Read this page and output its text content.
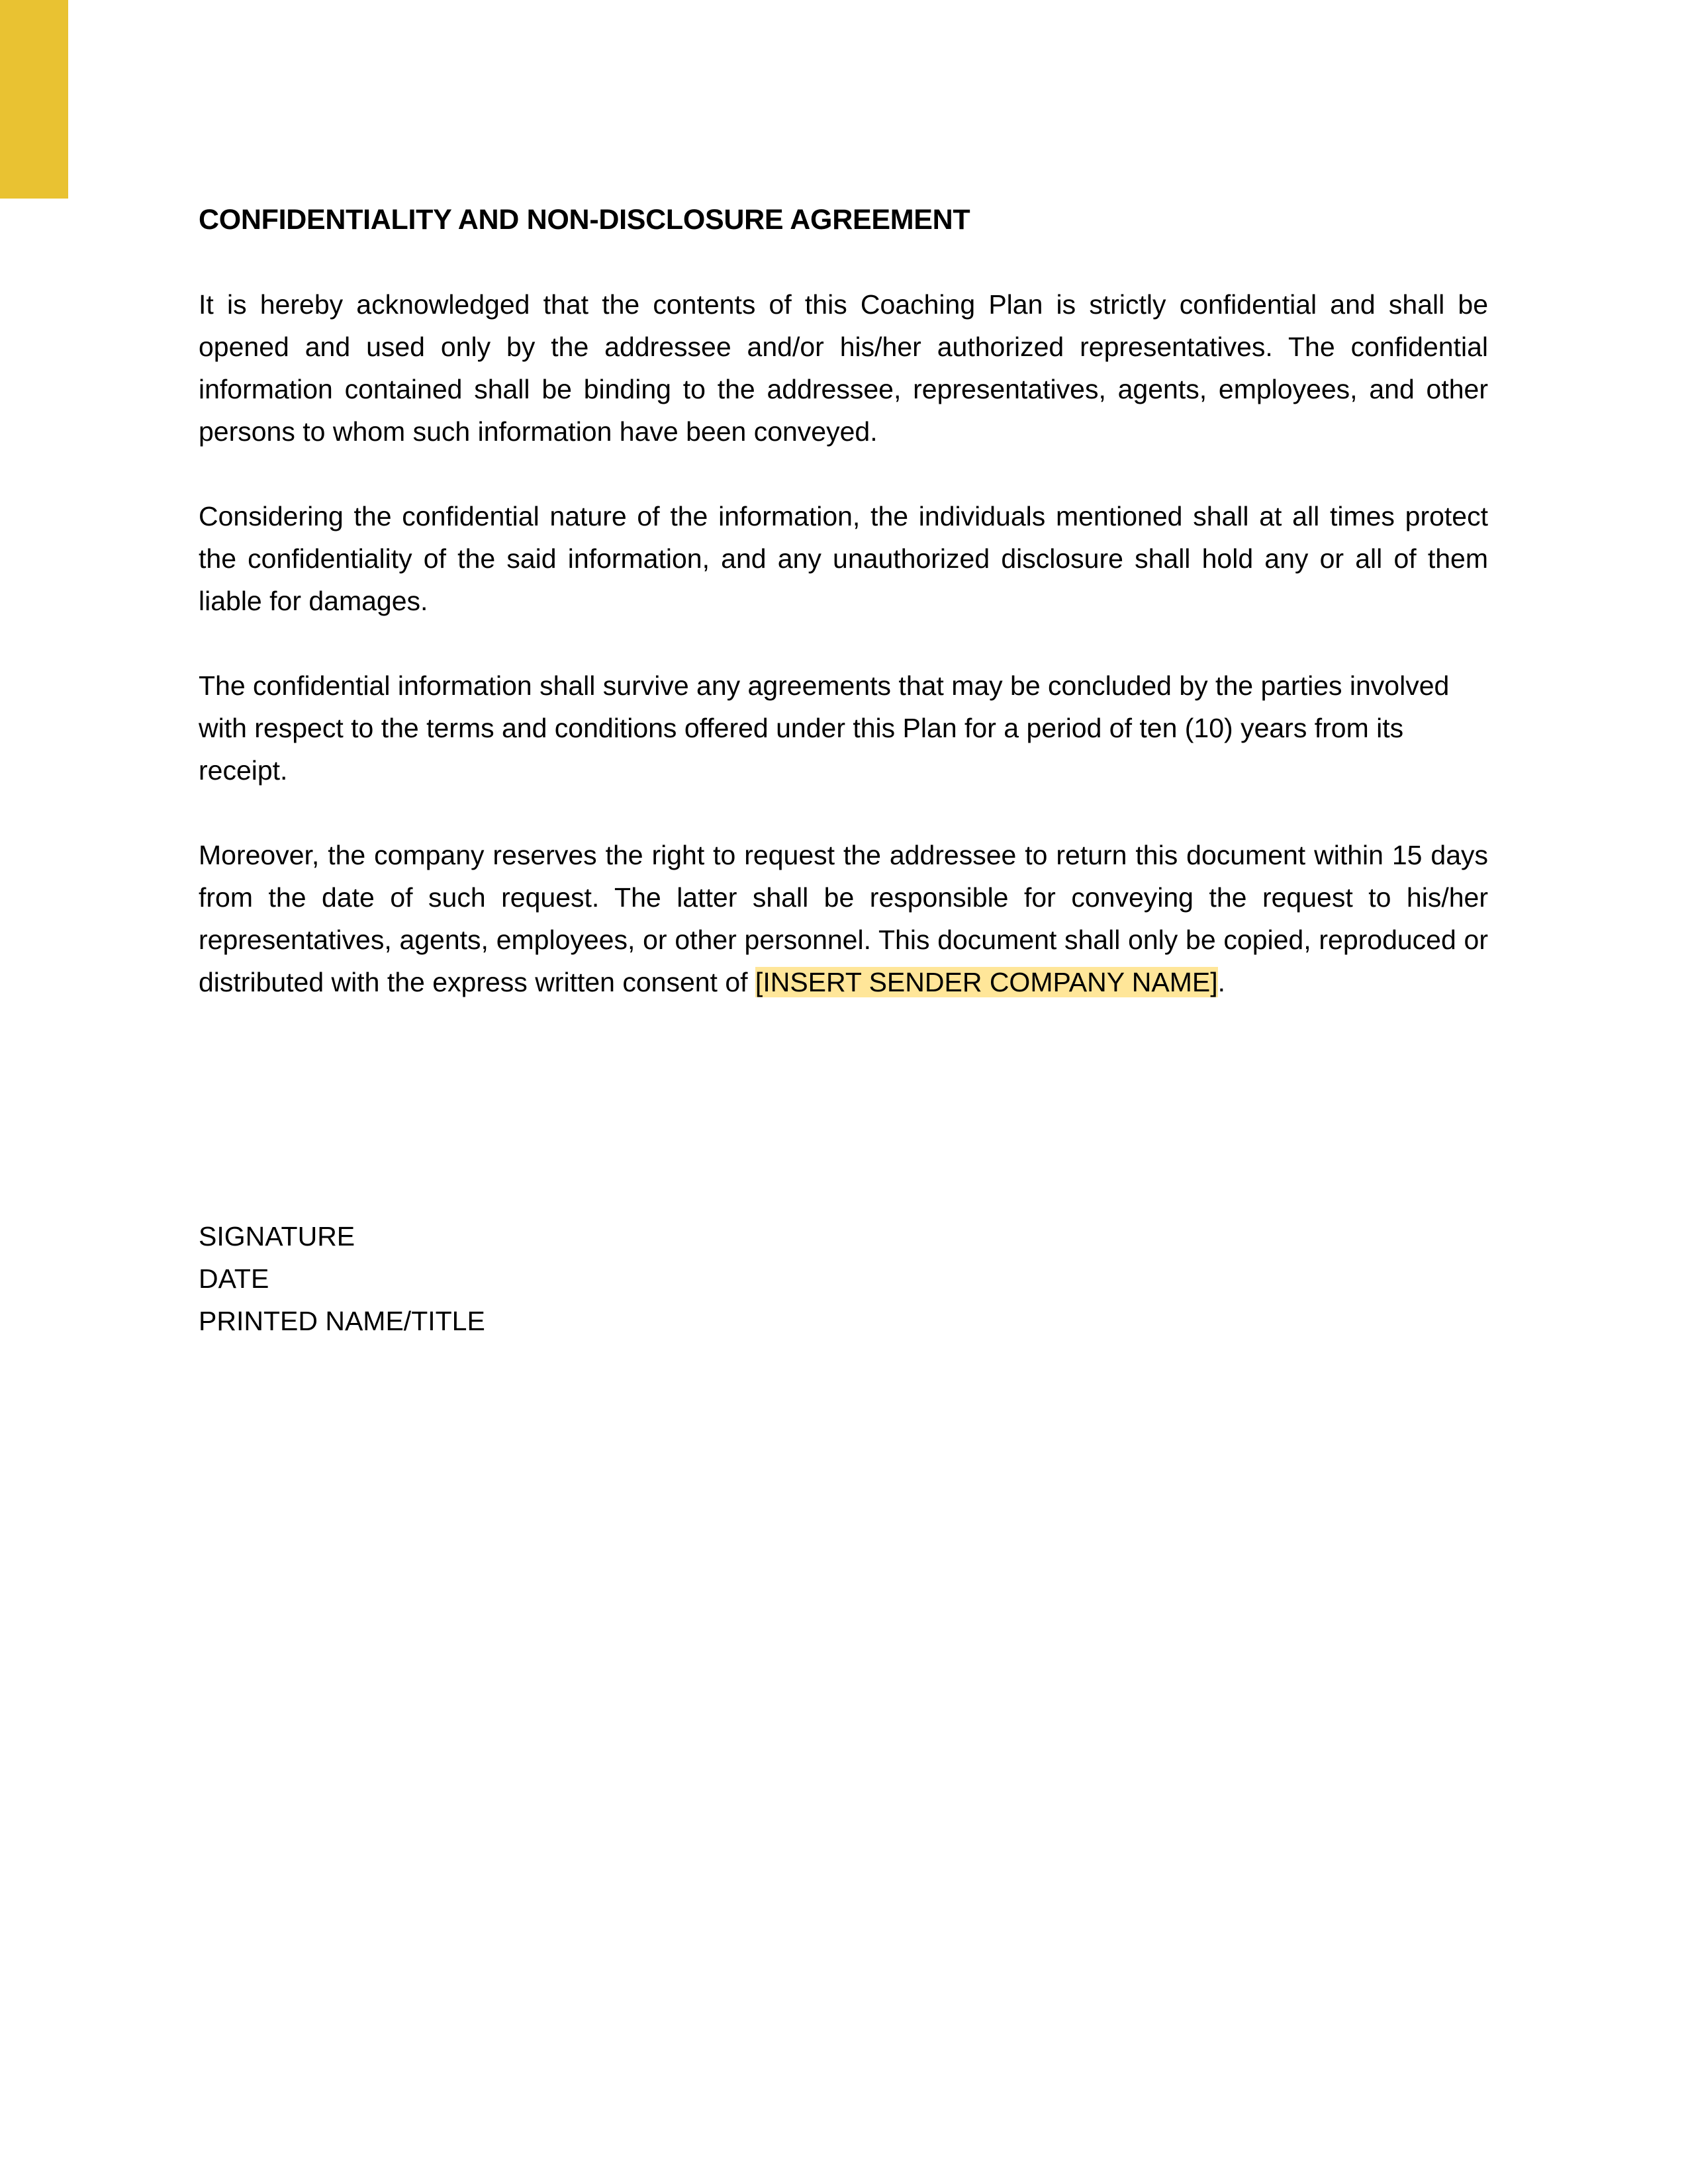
CONFIDENTIALITY AND NON-DISCLOSURE AGREEMENT

It is hereby acknowledged that the contents of this Coaching Plan is strictly confidential and shall be opened and used only by the addressee and/or his/her authorized representatives. The confidential information contained shall be binding to the addressee, representatives, agents, employees, and other persons to whom such information have been conveyed.

Considering the confidential nature of the information, the individuals mentioned shall at all times protect the confidentiality of the said information, and any unauthorized disclosure shall hold any or all of them liable for damages.

The confidential information shall survive any agreements that may be concluded by the parties involved with respect to the terms and conditions offered under this Plan for a period of ten (10) years from its receipt.

Moreover, the company reserves the right to request the addressee to return this document within 15 days from the date of such request. The latter shall be responsible for conveying the request to his/her representatives, agents, employees, or other personnel. This document shall only be copied, reproduced or distributed with the express written consent of [INSERT SENDER COMPANY NAME].

SIGNATURE
DATE
PRINTED NAME/TITLE
